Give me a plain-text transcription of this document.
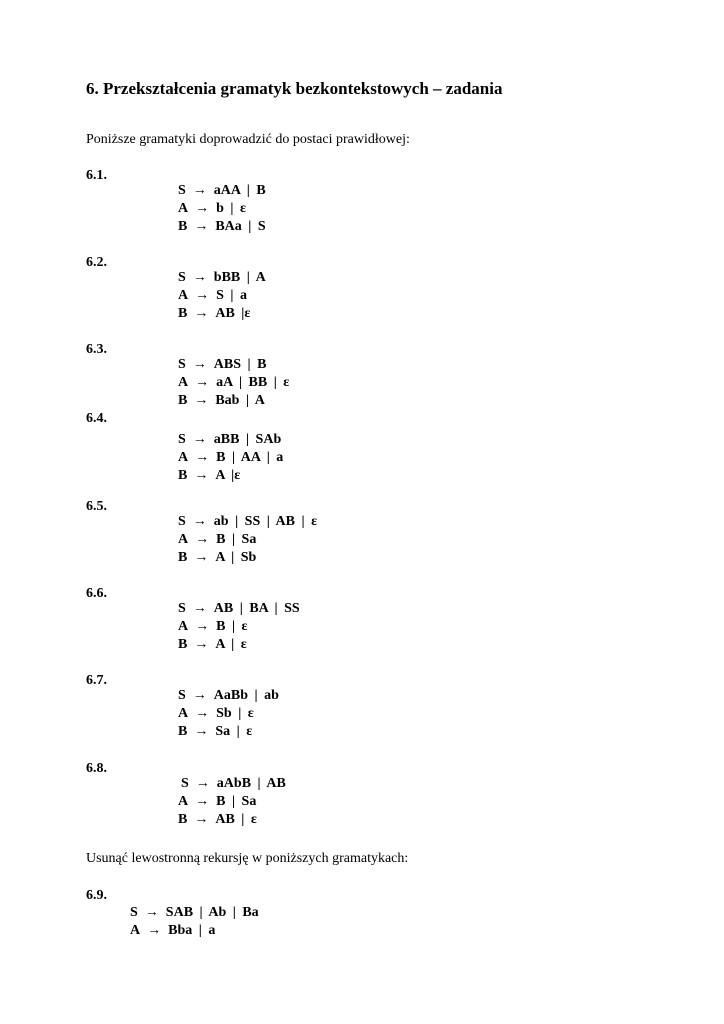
6. Przekształcenia gramatyk bezkontekstowych – zadania
Poniższe gramatyki doprowadzić do postaci prawidłowej:
Usunąć lewostronną rekursję w poniższych gramatykach:
6.1.
S → aAA | B
A → b | ε
B → BAa | S
6.2.
S → bBB | A
A → S | a
B → AB |ε
6.3.
S → ABS | B
A → aA | BB | ε
B → Bab | A
6.4.
S → aBB | SAb
A → B | AA | a
B → A |ε
6.5.
S → ab | SS | AB | ε
A → B | Sa
B → A | Sb
6.6.
S → AB | BA | SS
A → B | ε
B → A | ε
6.7.
S → AaBb | ab
A → Sb | ε
B → Sa | ε
6.8.
S → aAbB | AB
A → B | Sa
B → AB | ε
6.9.
S → SAB | Ab | Ba
A → Bba | a
